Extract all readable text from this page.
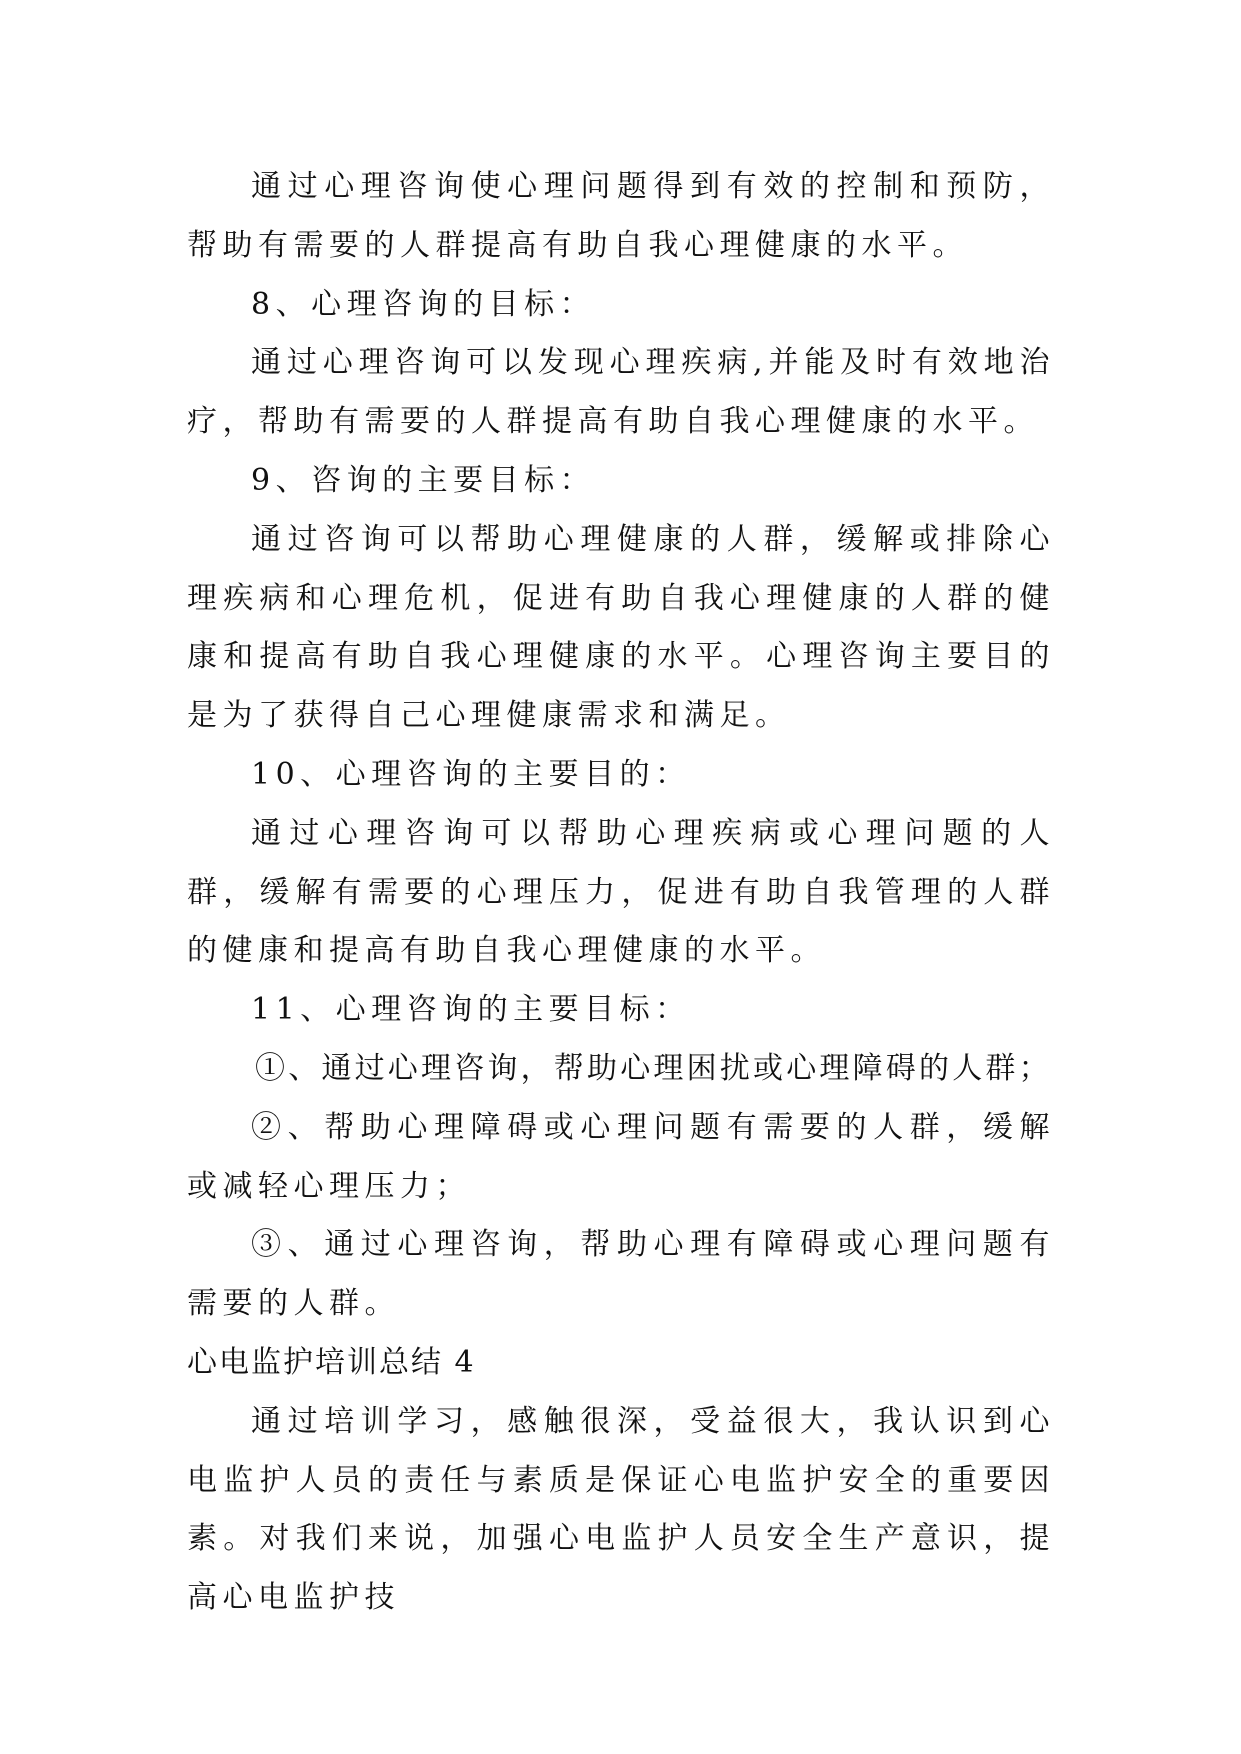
通过心理咨询使心理问题得到有效的控制和预防，帮助有需要的人群提高有助自我心理健康的水平。

8、心理咨询的目标：

通过心理咨询可以发现心理疾病,并能及时有效地治疗，帮助有需要的人群提高有助自我心理健康的水平。

9、咨询的主要目标：

通过咨询可以帮助心理健康的人群，缓解或排除心理疾病和心理危机，促进有助自我心理健康的人群的健康和提高有助自我心理健康的水平。心理咨询主要目的是为了获得自己心理健康需求和满足。

10、心理咨询的主要目的：

通过心理咨询可以帮助心理疾病或心理问题的人群，缓解有需要的心理压力，促进有助自我管理的人群的健康和提高有助自我心理健康的水平。

11、心理咨询的主要目标：

①、通过心理咨询，帮助心理困扰或心理障碍的人群；

②、帮助心理障碍或心理问题有需要的人群，缓解或减轻心理压力；

③、通过心理咨询，帮助心理有障碍或心理问题有需要的人群。

心电监护培训总结 4

通过培训学习，感触很深，受益很大，我认识到心电监护人员的责任与素质是保证心电监护安全的重要因素。对我们来说，加强心电监护人员安全生产意识，提高心电监护技
